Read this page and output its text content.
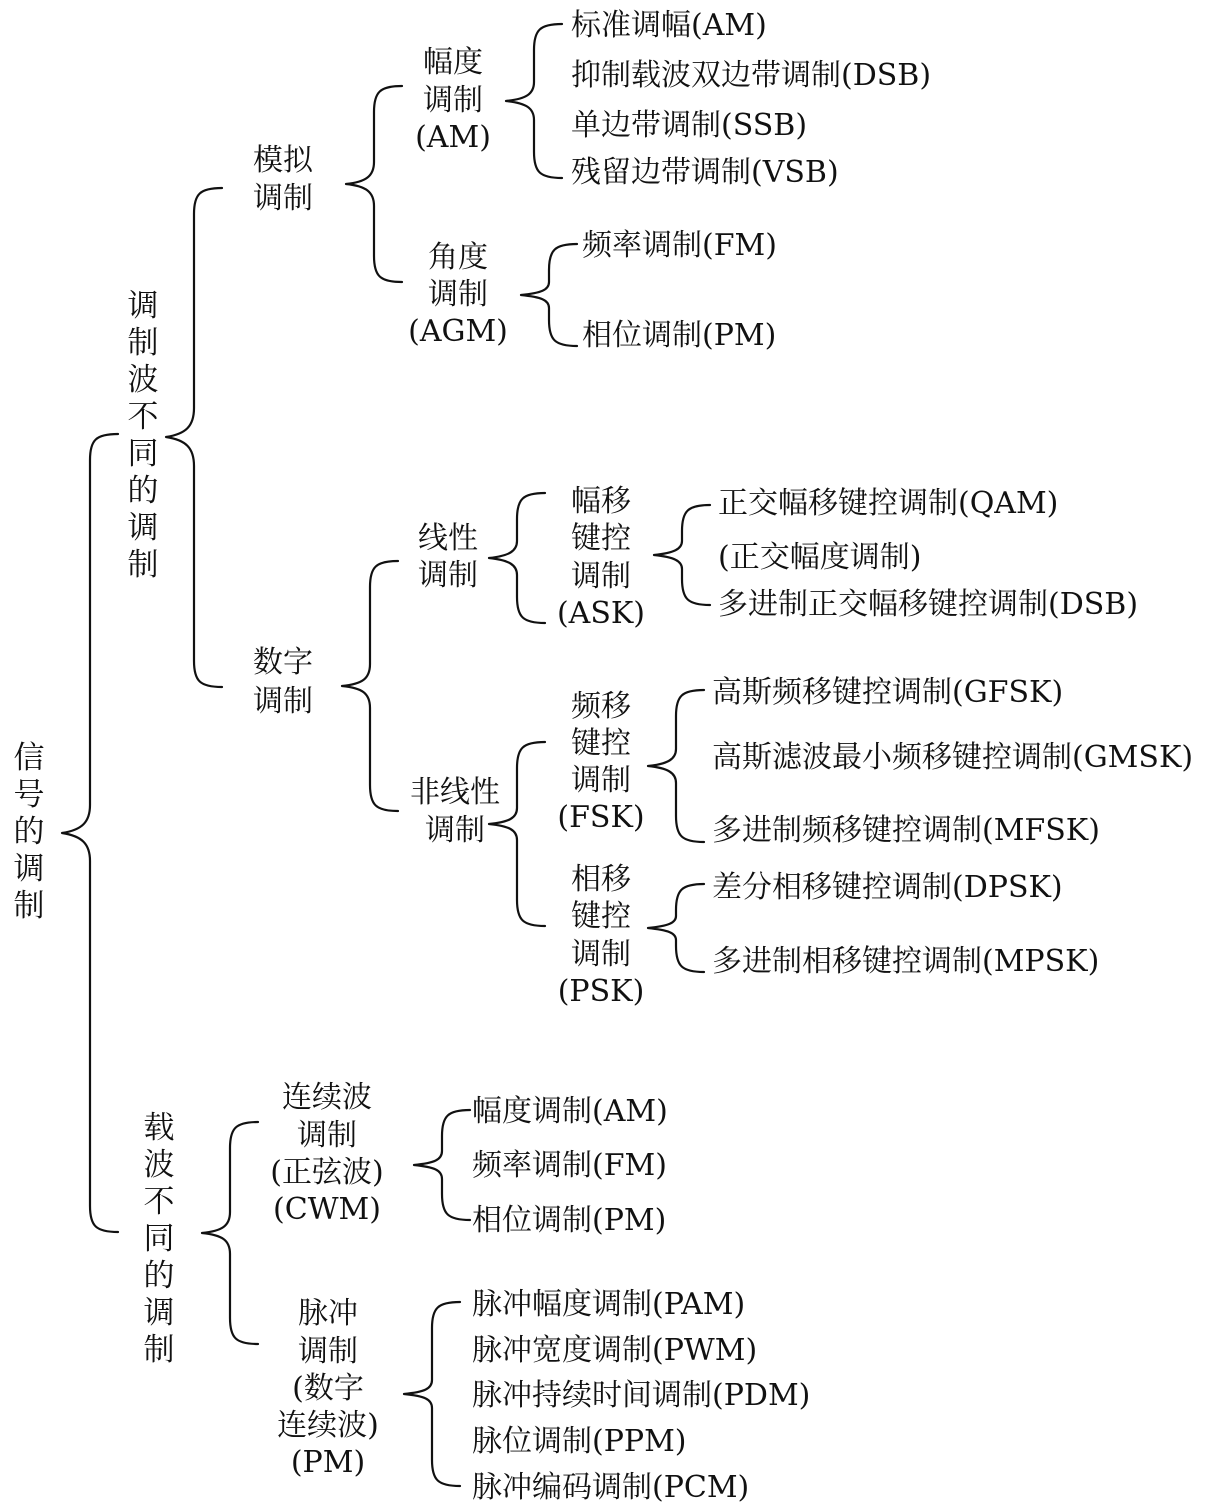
信
号
的
调
制
调
制
波
不
同
的
调
制
模拟
调制
幅度
调制
(AM)
标准调幅(AM)
抑制载波双边带调制(DSB)
单边带调制(SSB)
残留边带调制(VSB)
角度
调制
(AGM)
频率调制(FM)
相位调制(PM)
数字
调制
线性
调制
幅移
键控
调制
(ASK)
正交幅移键控调制(QAM)
(正交幅度调制)
多进制正交幅移键控调制(DSB)
非线性
调制
频移
键控
调制
(FSK)
高斯频移键控调制(GFSK)
高斯滤波最小频移键控调制(GMSK)
多进制频移键控调制(MFSK)
相移
键控
调制
(PSK)
差分相移键控调制(DPSK)
多进制相移键控调制(MPSK)
载
波
不
同
的
调
制
连续波
调制
(正弦波)
(CWM)
幅度调制(AM)
频率调制(FM)
相位调制(PM)
脉冲
调制
(数字
连续波)
(PM)
脉冲幅度调制(PAM)
脉冲宽度调制(PWM)
脉冲持续时间调制(PDM)
脉位调制(PPM)
脉冲编码调制(PCM)
